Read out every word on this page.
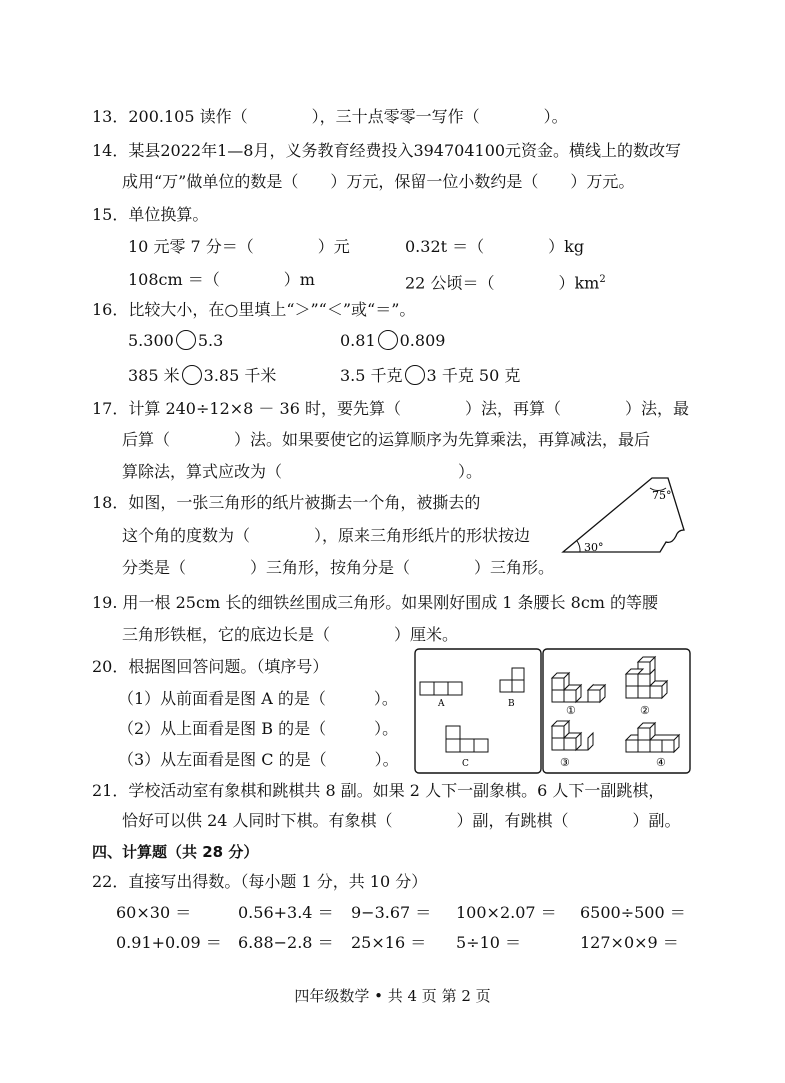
13．200.105 读作（　　　　），三十点零零一写作（　　　　）。
14．某县2022年1—8月，义务教育经费投入394704100元资金。横线上的数改写
成用“万”做单位的数是（　　）万元，保留一位小数约是（　　）万元。
15．单位换算。
10 元零 7 分＝（　　　　）元	0.32t ＝（　　　　）kg
108cm ＝（　　　　）m	22 公顷＝（　　　　）$km^2$
16．比较大小，在○里填上“＞”“＜”或“＝”。
5.300 5.3	0.81 0.809
385 米 3.85 千米	3.5 千克 3 千克 50 克
17．计算 240÷12×8 － 36 时，要先算（　　　　）法，再算（　　　　）法，最
后算（　　　　）法。如果要使它的运算顺序为先算乘法，再算减法，最后
算除法，算式应改为（　　　　　　　　　　　）。
18．如图，一张三角形的纸片被撕去一个角，被撕去的
这个角的度数为（　　　　），原来三角形纸片的形状按边
分类是（　　　　）三角形，按角分是（　　　　）三角形。
75°
30°
19. 用一根 25cm 长的细铁丝围成三角形。如果刚好围成 1 条腰长 8cm 的等腰
三角形铁框，它的底边长是（　　　　）厘米。
20．根据图回答问题。（填序号）
（1）从前面看是图 A 的是（　　　）。
（2）从上面看是图 B 的是（　　　）。
（3）从左面看是图 C 的是（　　　）。
A	B
C
①	②
③	④
21．学校活动室有象棋和跳棋共 8 副。如果 2 人下一副象棋。6 人下一副跳棋，
恰好可以供 24 人同时下棋。有象棋（　　　　）副，有跳棋（　　　　）副。
四、计算题（共 28 分）
22．直接写出得数。（每小题 1 分，共 10 分）
60×30 ＝	0.56+3.4 ＝ 9−3.67 ＝ 100×2.07 ＝ 6500÷500 ＝
0.91+0.09 ＝ 6.88−2.8 ＝ 25×16 ＝ 5÷10 ＝	127×0×9 ＝
四年级数学 • 共 4 页 第 2 页
